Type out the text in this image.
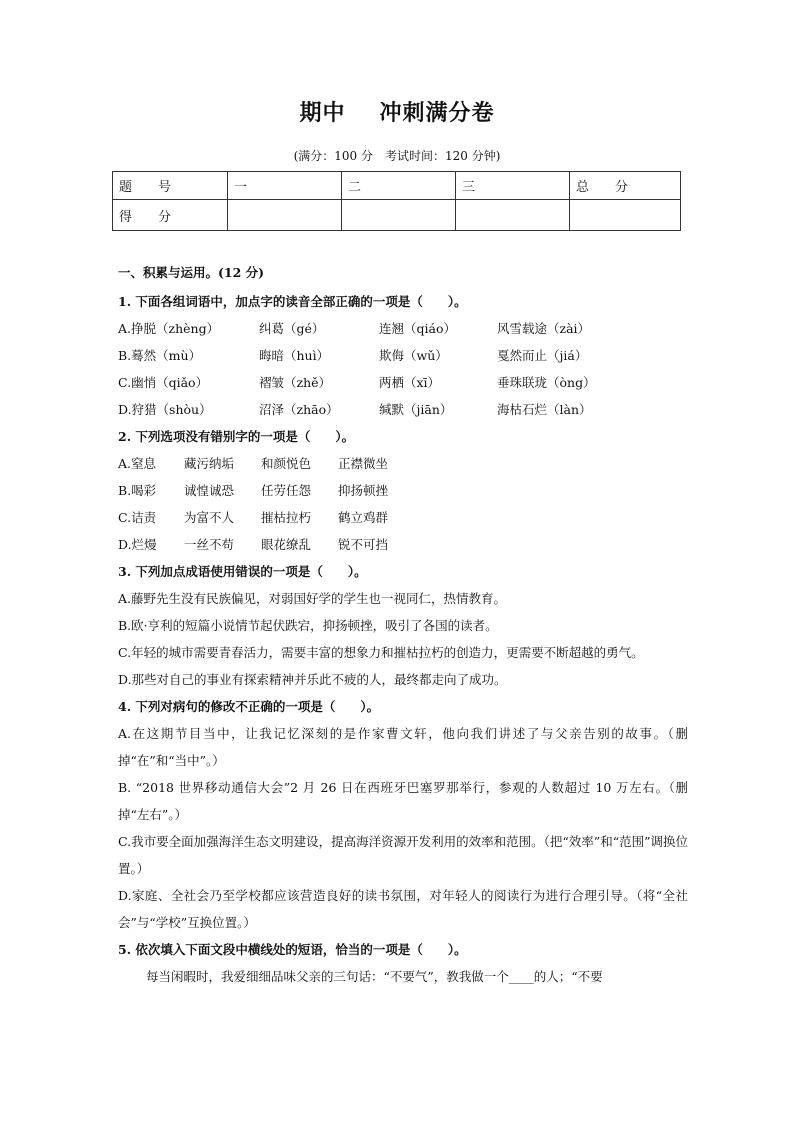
期中 冲刺满分卷
(满分：100 分　考试时间：120 分钟)
题　　号	一	二	三	总　　分
得　　分				
一、积累与运用。(12 分)
1. 下面各组词语中，加点字的读音全部正确的一项是（　　）。
A.挣脱（zhèng）	纠葛（gé）	连翘（qiáo）	风雪载途（zài）
B.蓦然（mù）	晦暗（huì）	欺侮（wǔ）	戛然而止（jiá）
C.幽悄（qiǎo）	褶皱（zhě）	两栖（xī）	垂珠联珑（òng）
D.狩猎（shòu）	沼泽（zhāo）	缄默（jiān）	海枯石烂（làn）
2. 下列选项没有错别字的一项是（　　）。
A.窒息 藏污纳垢 和颜悦色 正襟微坐
B.喝彩 诚惶诚恐 任劳任怨 抑扬顿挫
C.诘责 为富不人 摧枯拉朽 鹤立鸡群
D.烂熳 一丝不苟 眼花缭乱 锐不可挡
3. 下列加点成语使用错误的一项是（　　）。
A.藤野先生没有民族偏见，对弱国好学的学生也一视同仁，热情教育。
B.欧·亨利的短篇小说情节起伏跌宕，抑扬顿挫，吸引了各国的读者。
C.年轻的城市需要青春活力，需要丰富的想象力和摧枯拉朽的创造力，更需要不断超越的勇气。
D.那些对自己的事业有探索精神并乐此不疲的人，最终都走向了成功。
4. 下列对病句的修改不正确的一项是（　　）。
A.在这期节目当中，让我记忆深刻的是作家曹文轩，他向我们讲述了与父亲告别的故事。（删掉“在”和“当中”。）
B. “2018 世界移动通信大会”2 月 26 日在西班牙巴塞罗那举行，参观的人数超过 10 万左右。（删掉“左右”。）
C.我市要全面加强海洋生态文明建设，提高海洋资源开发利用的效率和范围。（把“效率”和“范围”调换位置。）
D.家庭、全社会乃至学校都应该营造良好的读书氛围，对年轻人的阅读行为进行合理引导。（将“全社会”与“学校”互换位置。）
5. 依次填入下面文段中横线处的短语，恰当的一项是（　　）。
每当闲暇时，我爱细细品味父亲的三句话：“不要气”，教我做一个____的人；“不要
